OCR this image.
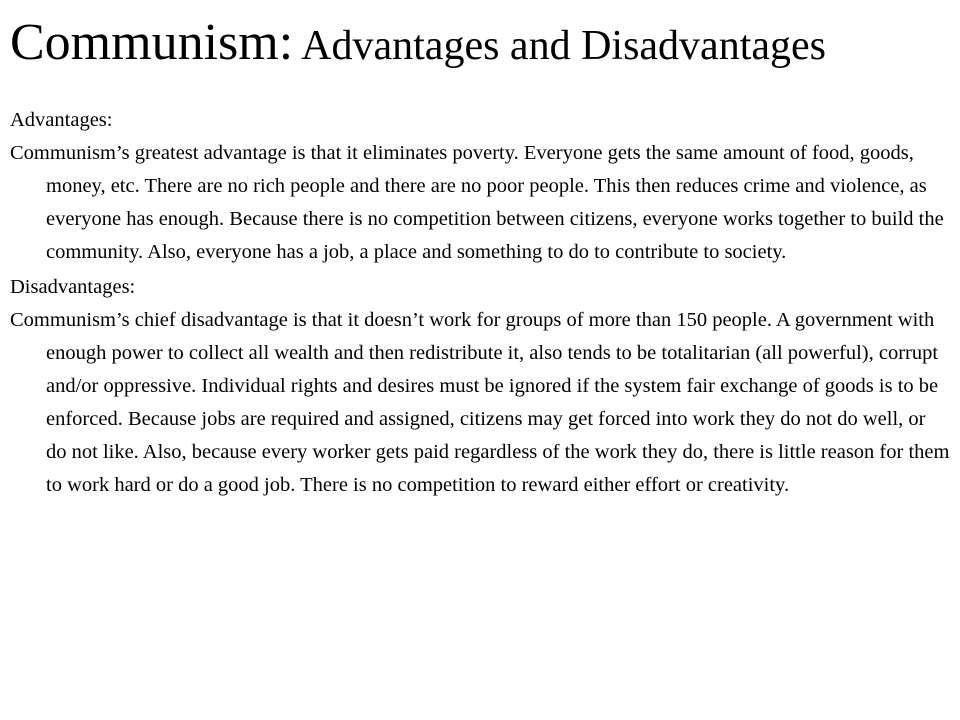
Communism: Advantages and Disadvantages

Advantages:

Communism’s greatest advantage is that it eliminates poverty. Everyone gets the same amount of food, goods, money, etc. There are no rich people and there are no poor people. This then reduces crime and violence, as everyone has enough. Because there is no competition between citizens, everyone works together to build the community. Also, everyone has a job, a place and something to do to contribute to society.

Disadvantages:

Communism’s chief disadvantage is that it doesn’t work for groups of more than 150 people. A government with enough power to collect all wealth and then redistribute it, also tends to be totalitarian (all powerful), corrupt and/or oppressive. Individual rights and desires must be ignored if the system fair exchange of goods is to be enforced. Because jobs are required and assigned, citizens may get forced into work they do not do well, or do not like. Also, because every worker gets paid regardless of the work they do, there is little reason for them to work hard or do a good job. There is no competition to reward either effort or creativity.
